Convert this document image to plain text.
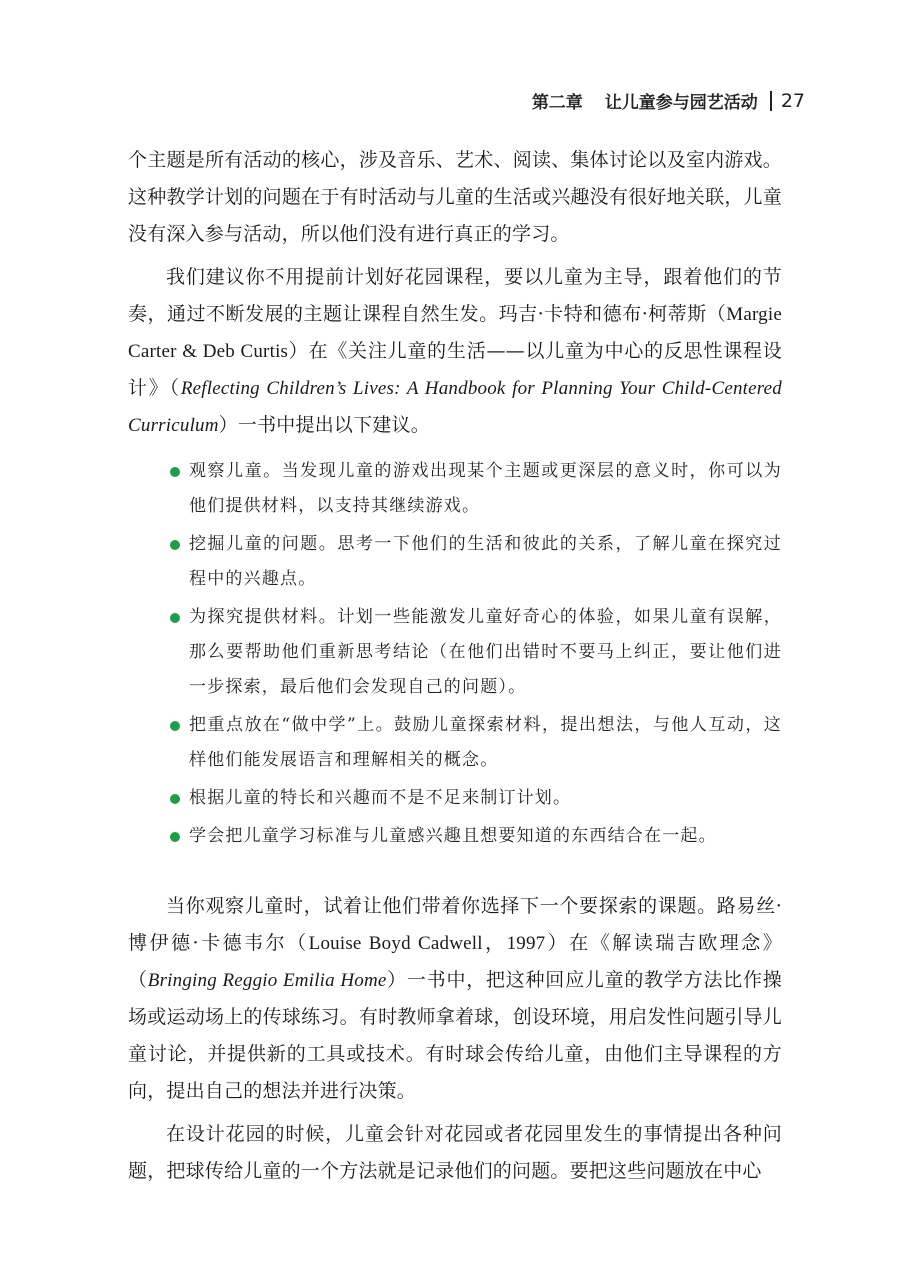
第二章 让儿童参与园艺活动 27

个主题是所有活动的核心，涉及音乐、艺术、阅读、集体讨论以及室内游戏。这种教学计划的问题在于有时活动与儿童的生活或兴趣没有很好地关联，儿童没有深入参与活动，所以他们没有进行真正的学习。

我们建议你不用提前计划好花园课程，要以儿童为主导，跟着他们的节奏，通过不断发展的主题让课程自然生发。玛吉·卡特和德布·柯蒂斯（Margie Carter & Deb Curtis）在《关注儿童的生活——以儿童为中心的反思性课程设计》（Reflecting Children’s Lives: A Handbook for Planning Your Child-Centered Curriculum）一书中提出以下建议。

观察儿童。当发现儿童的游戏出现某个主题或更深层的意义时，你可以为他们提供材料，以支持其继续游戏。
挖掘儿童的问题。思考一下他们的生活和彼此的关系，了解儿童在探究过程中的兴趣点。
为探究提供材料。计划一些能激发儿童好奇心的体验，如果儿童有误解，那么要帮助他们重新思考结论（在他们出错时不要马上纠正，要让他们进一步探索，最后他们会发现自己的问题）。
把重点放在“做中学”上。鼓励儿童探索材料，提出想法，与他人互动，这样他们能发展语言和理解相关的概念。
根据儿童的特长和兴趣而不是不足来制订计划。
学会把儿童学习标准与儿童感兴趣且想要知道的东西结合在一起。

当你观察儿童时，试着让他们带着你选择下一个要探索的课题。路易丝·博伊德·卡德韦尔（Louise Boyd Cadwell，1997）在《解读瑞吉欧理念》（Bringing Reggio Emilia Home）一书中，把这种回应儿童的教学方法比作操场或运动场上的传球练习。有时教师拿着球，创设环境，用启发性问题引导儿童讨论，并提供新的工具或技术。有时球会传给儿童，由他们主导课程的方向，提出自己的想法并进行决策。

在设计花园的时候，儿童会针对花园或者花园里发生的事情提出各种问题，把球传给儿童的一个方法就是记录他们的问题。要把这些问题放在中心
